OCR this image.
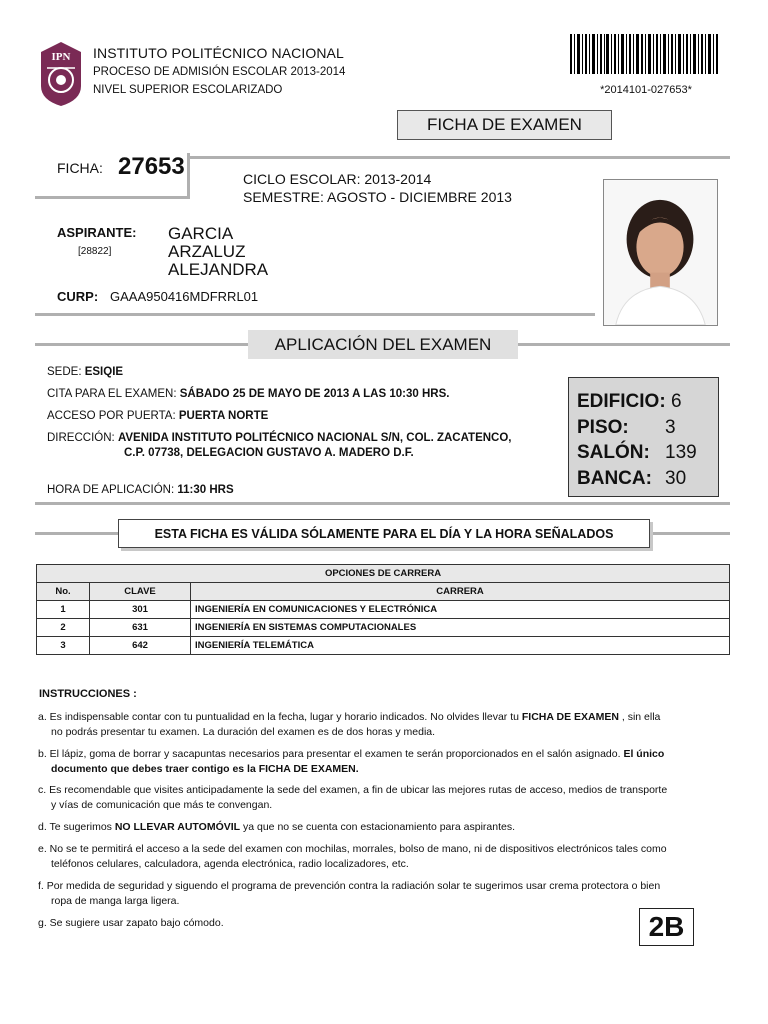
IPN INSTITUTO POLITÉCNICO NACIONAL
PROCESO DE ADMISIÓN ESCOLAR 2013-2014
NIVEL SUPERIOR ESCOLARIZADO	*2014101-027653*
FICHA DE EXAMEN
FICHA: 27653	CICLO ESCOLAR: 2013-2014
SEMESTRE: AGOSTO - DICIEMBRE 2013
ASPIRANTE:
[28822]
GARCIA
ARZALUZ
ALEJANDRA
CURP: GAAA950416MDFRRL01
APLICACIÓN DEL EXAMEN
SEDE: ESIQIE
CITA PARA EL EXAMEN: SÁBADO 25 DE MAYO DE 2013 A LAS 10:30 HRS.
ACCESO POR PUERTA: PUERTA NORTE
DIRECCIÓN: AVENIDA INSTITUTO POLITÉCNICO NACIONAL S/N, COL. ZACATENCO,
C.P. 07738, DELEGACION GUSTAVO A. MADERO D.F.
HORA DE APLICACIÓN: 11:30 HRS
EDIFICIO: 6
PISO: 3
SALÓN: 139
BANCA: 30
ESTA FICHA ES VÁLIDA SÓLAMENTE PARA EL DÍA Y LA HORA SEÑALADOS
OPCIONES DE CARRERA		
No.	CLAVE	CARRERA
1	301	INGENIERÍA EN COMUNICACIONES Y ELECTRÓNICA
2	631	INGENIERÍA EN SISTEMAS COMPUTACIONALES
3	642	INGENIERÍA TELEMÁTICA
INSTRUCCIONES :
a. Es indispensable contar con tu puntualidad en la fecha, lugar y horario indicados. No olvides llevar tu FICHA DE EXAMEN , sin ella
no podrás presentar tu examen. La duración del examen es de dos horas y media.
b. El lápiz, goma de borrar y sacapuntas necesarios para presentar el examen te serán proporcionados en el salón asignado. El único
documento que debes traer contigo es la FICHA DE EXAMEN.
c. Es recomendable que visites anticipadamente la sede del examen, a fin de ubicar las mejores rutas de acceso, medios de transporte
y vías de comunicación que más te convengan.
d. Te sugerimos NO LLEVAR AUTOMÓVIL ya que no se cuenta con estacionamiento para aspirantes.
e. No se te permitirá el acceso a la sede del examen con mochilas, morrales, bolso de mano, ni de dispositivos electrónicos tales como
teléfonos celulares, calculadora, agenda electrónica, radio localizadores, etc.
f. Por medida de seguridad y siguendo el programa de prevención contra la radiación solar te sugerimos usar crema protectora o bien
ropa de manga larga ligera.
g. Se sugiere usar zapato bajo cómodo.	2B
